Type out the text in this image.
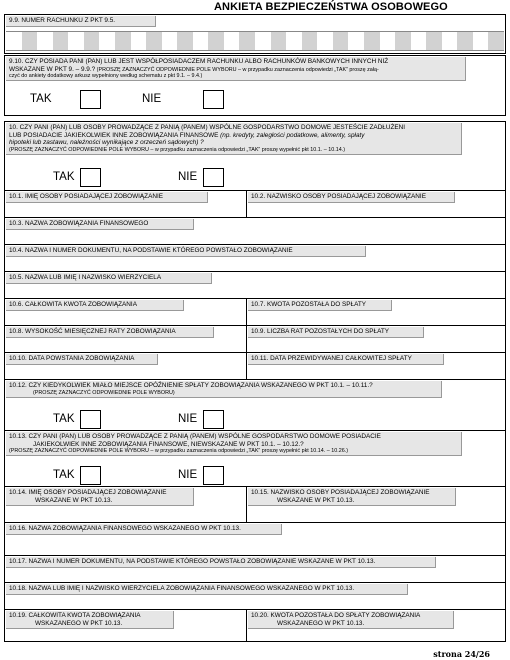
ANKIETA BEZPIECZEŃSTWA OSOBOWEGO
9.9. NUMER RACHUNKU Z PKT 9.5.
9.10. CZY POSIADA PANI (PAN) LUB JEST WSPÓŁPOSIADACZEM RACHUNKU ALBO RACHUNKÓW BANKOWYCH INNYCH NIŻ
WSKAZANE W PKT 9. – 9.9.? (PROSZĘ ZAZNACZYĆ ODPOWIEDNIE POLE WYBORU – w przypadku zaznaczenia odpowiedzi „TAK” proszę załą-
czyć do ankiety dodatkowy arkusz wypełniony według schematu z pkt 9.1. – 9.4.)
TAK	NIE
10. CZY PANI (PAN) LUB OSOBY PROWADZĄCE Z PANIĄ (PANEM) WSPÓLNE GOSPODARSTWO DOMOWE JESTEŚCIE ZADŁUŻENI
LUB POSIADACIE JAKIEKOLWIEK INNE ZOBOWIĄZANIA FINANSOWE (np. kredyty, zaległości podatkowe, alimenty, spłaty
hipoteki lub zastawu, należności wynikające z orzeczeń sądowych) ?
(PROSZĘ ZAZNACZYĆ ODPOWIEDNIE POLE WYBORU – w przypadku zaznaczenia odpowiedzi „TAK” proszę wypełnić pkt 10.1. – 10.14.)
TAK	NIE
10.1. IMIĘ OSOBY POSIADAJĄCEJ ZOBOWIĄZANIE	10.2. NAZWISKO OSOBY POSIADAJĄCEJ ZOBOWIĄZANIE
10.3. NAZWA ZOBOWIĄZANIA FINANSOWEGO
10.4. NAZWA I NUMER DOKUMENTU, NA PODSTAWIE KTÓREGO POWSTAŁO ZOBOWIĄZANIE
10.5. NAZWA LUB IMIĘ I NAZWISKO WIERZYCIELA
10.6. CAŁKOWITA KWOTA ZOBOWIĄZANIA	10.7. KWOTA POZOSTAŁA DO SPŁATY
10.8. WYSOKOŚĆ MIESIĘCZNEJ RATY ZOBOWIĄZANIA	10.9. LICZBA RAT POZOSTAŁYCH DO SPŁATY
10.10. DATA POWSTANIA ZOBOWIĄZANIA	10.11. DATA PRZEWIDYWANEJ CAŁKOWITEJ SPŁATY
10.12. CZY KIEDYKOLWIEK MIAŁO MIEJSCE OPÓŹNIENIE SPŁATY ZOBOWIĄZANIA WSKAZANEGO W PKT 10.1. – 10.11.?
(PROSZĘ ZAZNACZYĆ ODPOWIEDNIE POLE WYBORU)
TAK	NIE
10.13. CZY PANI (PAN) LUB OSOBY PROWADZĄCE Z PANIĄ (PANEM) WSPÓLNE GOSPODARSTWO DOMOWE POSIADACIE
JAKIEKOLWIEK INNE ZOBOWIĄZANIA FINANSOWE, NIEWSKAZANE W PKT 10.1. – 10.12.?
(PROSZĘ ZAZNACZYĆ ODPOWIEDNIE POLE WYBORU – w przypadku zaznaczenia odpowiedzi „TAK” proszę wypełnić pkt 10.14. – 10.26.)
TAK	NIE
10.14. IMIĘ OSOBY POSIADAJĄCEJ ZOBOWIĄZANIE
WSKAZANE W PKT 10.13.
10.15. NAZWISKO OSOBY POSIADAJĄCEJ ZOBOWIĄZANIE
WSKAZANE W PKT 10.13.
10.16. NAZWA ZOBOWIĄZANIA FINANSOWEGO WSKAZANEGO W PKT 10.13.
10.17. NAZWA I NUMER DOKUMENTU, NA PODSTAWIE KTÓREGO POWSTAŁO ZOBOWIĄZANIE WSKAZANE W PKT 10.13.
10.18. NAZWA LUB IMIĘ I NAZWISKO WIERZYCIELA ZOBOWIĄZANIA FINANSOWEGO WSKAZANEGO W PKT 10.13.
10.19. CAŁKOWITA KWOTA ZOBOWIĄZANIA
WSKAZANEGO W PKT 10.13.
10.20. KWOTA POZOSTAŁA DO SPŁATY ZOBOWIĄZANIA
WSKAZANEGO W PKT 10.13.
strona 24/26
